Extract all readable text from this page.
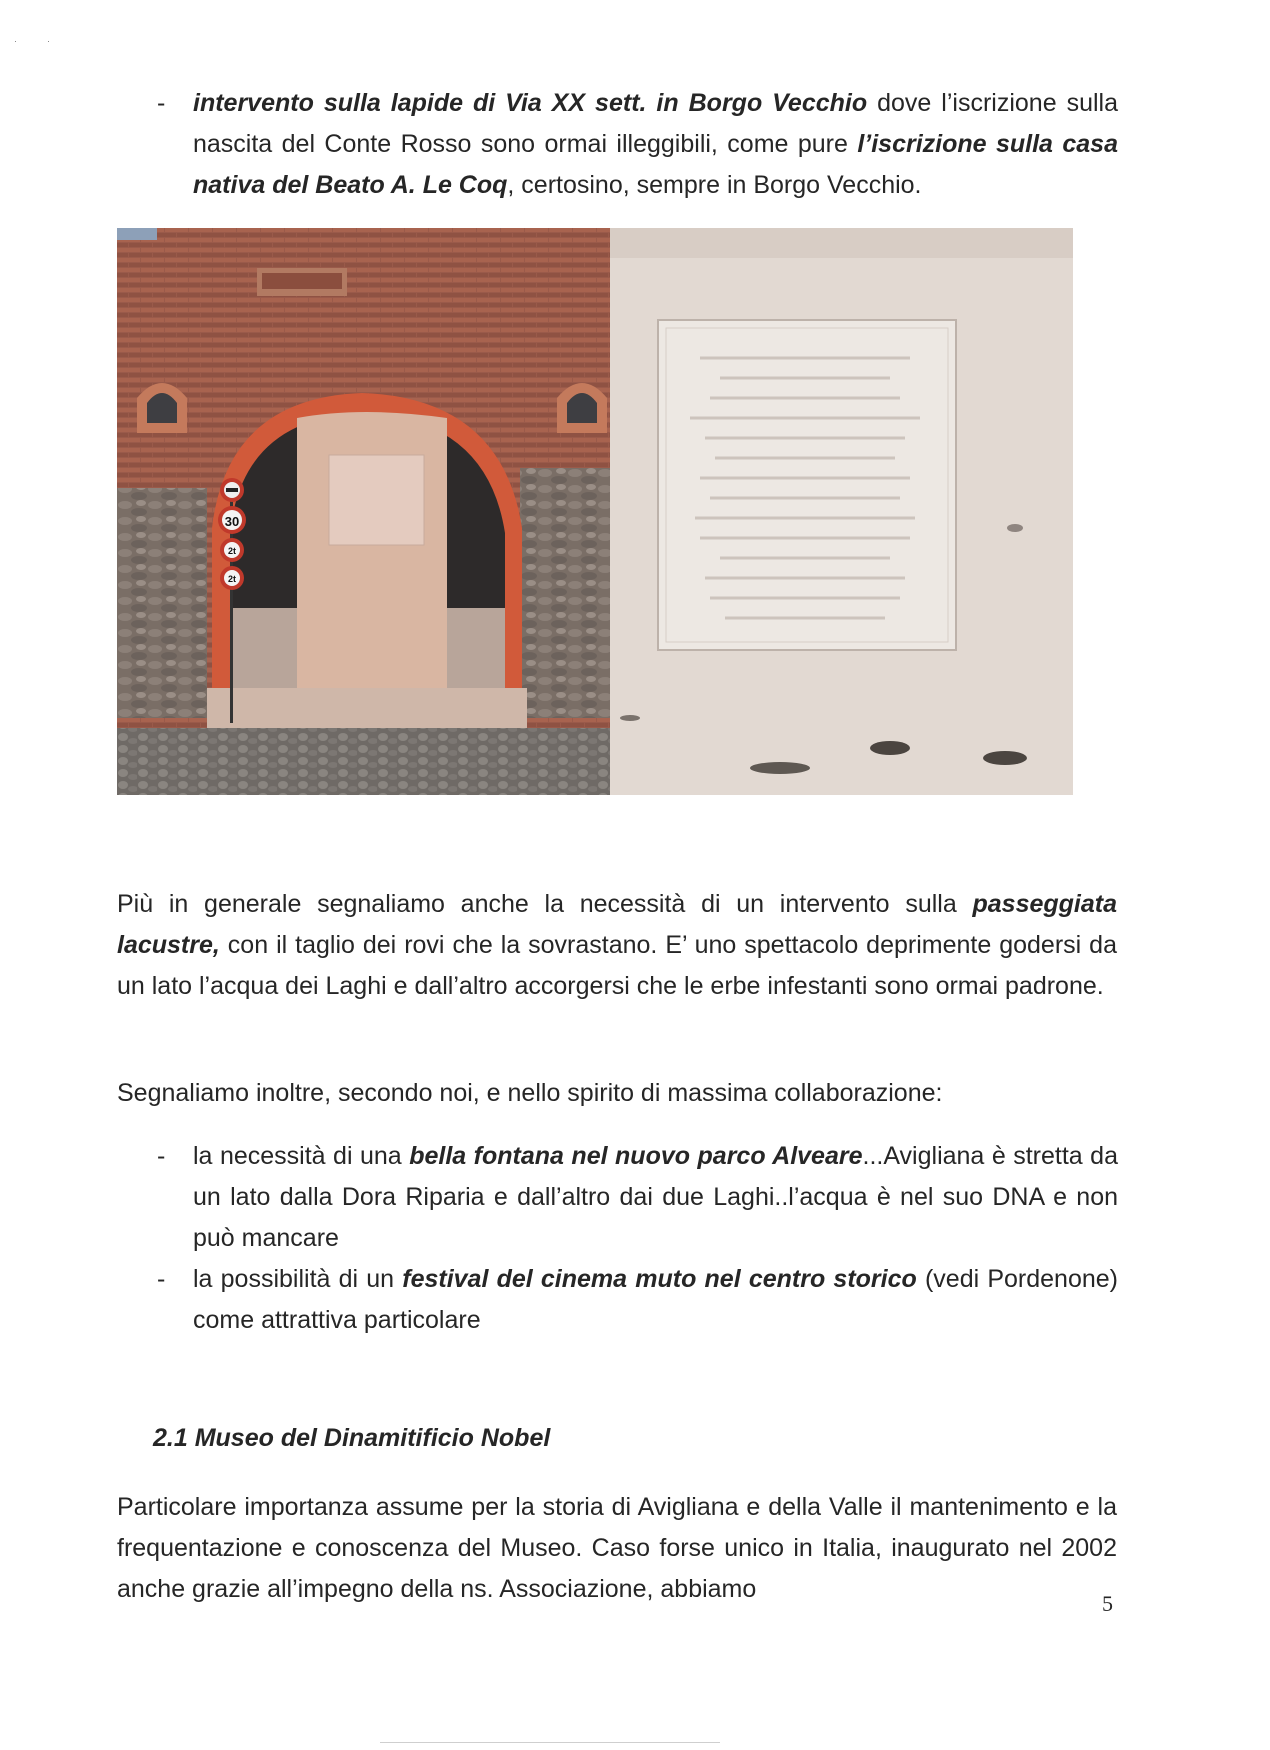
·​·
-	intervento sulla lapide di Via XX sett. in Borgo Vecchio dove l’iscrizione sulla nascita del Conte Rosso sono ormai illeggibili, come pure l’iscrizione sulla casa nativa del Beato A. Le Coq, certosino, sempre in Borgo Vecchio.
30
2t
2t

Più in generale segnaliamo anche la necessità di un intervento sulla passeggiata lacustre, con il taglio dei rovi che la sovrastano. E’ uno spettacolo deprimente godersi da un lato l’acqua dei Laghi e dall’altro accorgersi che le erbe infestanti sono ormai padrone.

Segnaliamo inoltre, secondo noi, e nello spirito di massima collaborazione:

-	la necessità di una bella fontana nel nuovo parco Alveare...Avigliana è stretta da un lato dalla Dora Riparia e dall’altro dai due Laghi..l’acqua è nel suo DNA e non può mancare
-	la possibilità di un festival del cinema muto nel centro storico (vedi Pordenone) come attrattiva particolare
2.1 Museo del Dinamitificio Nobel

Particolare importanza assume per la storia di Avigliana e della Valle il mantenimento e la frequentazione e conoscenza del Museo. Caso forse unico in Italia, inaugurato nel 2002 anche grazie all’impegno della ns. Associazione, abbiamo

5
